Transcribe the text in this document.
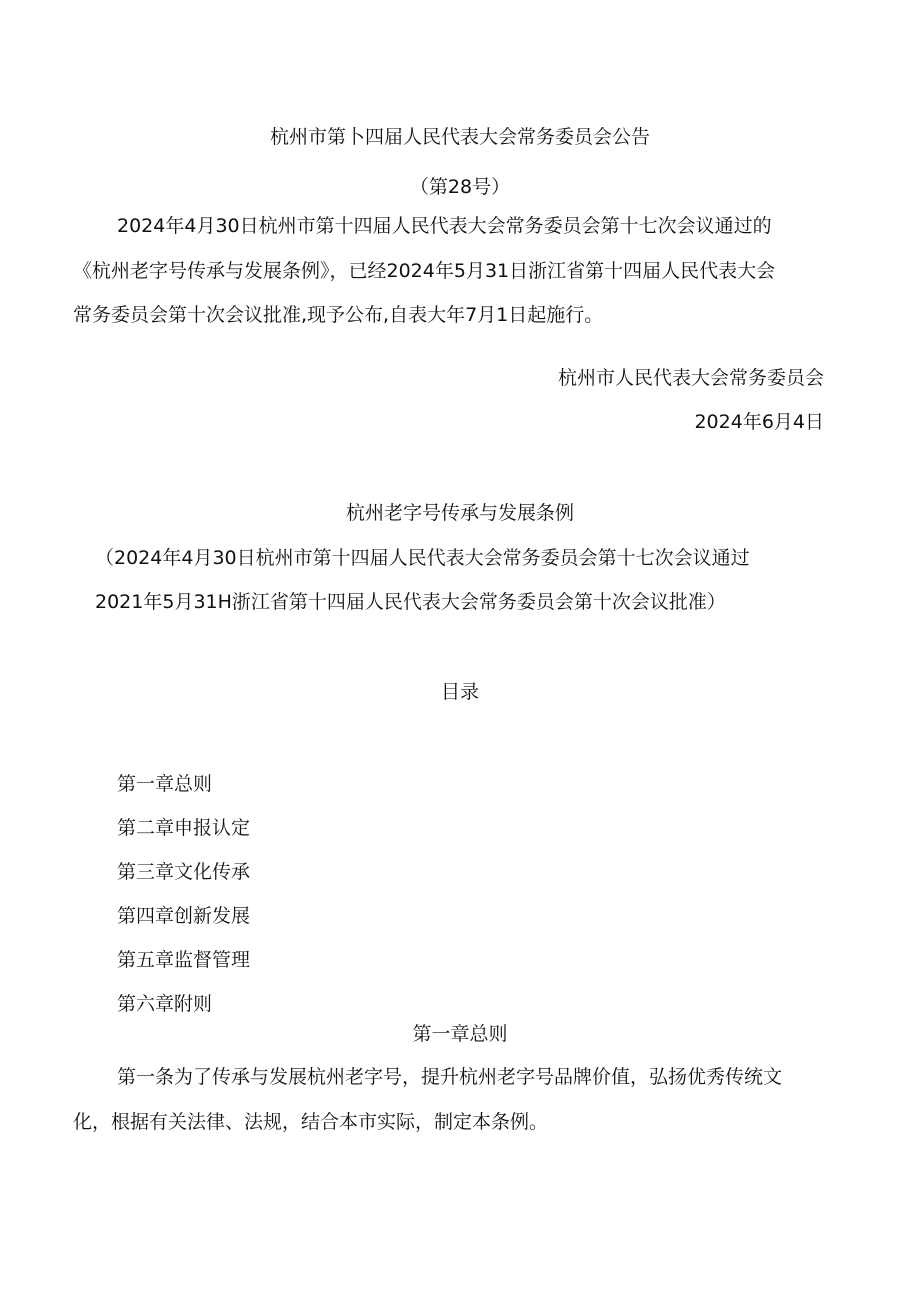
杭州市第卜四届人民代表大会常务委员会公告
（第28号）
2024年4月30日杭州市第十四届人民代表大会常务委员会第十七次会议通过的
《杭州老字号传承与发展条例》，已经2024年5月31日浙江省第十四届人民代表大会
常务委员会第十次会议批准,现予公布,自表大年7月1日起施行。
杭州市人民代表大会常务委员会
2024年6月4日
杭州老字号传承与发展条例
（2024年4月30日杭州市第十四届人民代表大会常务委员会第十七次会议通过
2021年5月31H浙江省第十四届人民代表大会常务委员会第十次会议批准）
目录
第一章总则
第二章申报认定
第三章文化传承
第四章创新发展
第五章监督管理
第六章附则
第一章总则
第一条为了传承与发展杭州老字号，提升杭州老字号品牌价值，弘扬优秀传统文
化，根据有关法律、法规，结合本市实际，制定本条例。
